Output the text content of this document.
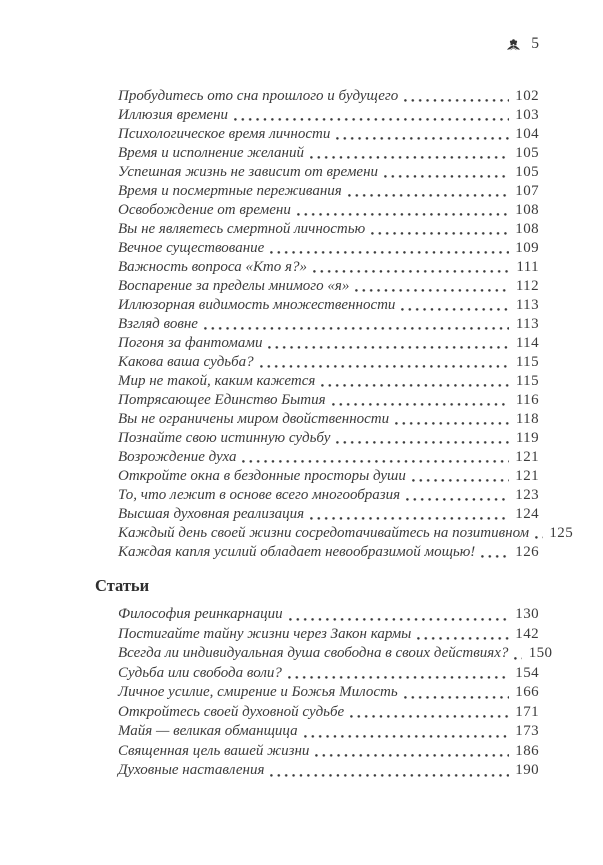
5
Пробудитесь ото сна прошлого и будущего	102
Иллюзия времени	103
Психологическое время личности	104
Время и исполнение желаний	105
Успешная жизнь не зависит от времени	105
Время и посмертные переживания	107
Освобождение от времени	108
Вы не являетесь смертной личностью	108
Вечное существование	109
Важность вопроса «Кто я?»	111
Воспарение за пределы мнимого «я»	112
Иллюзорная видимость множественности	113
Взгляд вовне	113
Погоня за фантомами	114
Какова ваша судьба?	115
Мир не такой, каким кажется	115
Потрясающее Единство Бытия	116
Вы не ограничены миром двойственности	118
Познайте свою истинную судьбу	119
Возрождение духа	121
Откройте окна в бездонные просторы души	121
То, что лежит в основе всего многообразия	123
Высшая духовная реализация	124
Каждый день своей жизни сосредотачивайтесь на позитивном 125
Каждая капля усилий обладает невообразимой мощью!	126
Статьи
Философия реинкарнации	130
Постигайте тайну жизни через Закон кармы	142
Всегда ли индивидуальная душа свободна в своих действиях? 150
Судьба или свобода воли?	154
Личное усилие, смирение и Божья Милость	166
Откройтесь своей духовной судьбе	171
Майя — великая обманщица	173
Священная цель вашей жизни	186
Духовные наставления	190
